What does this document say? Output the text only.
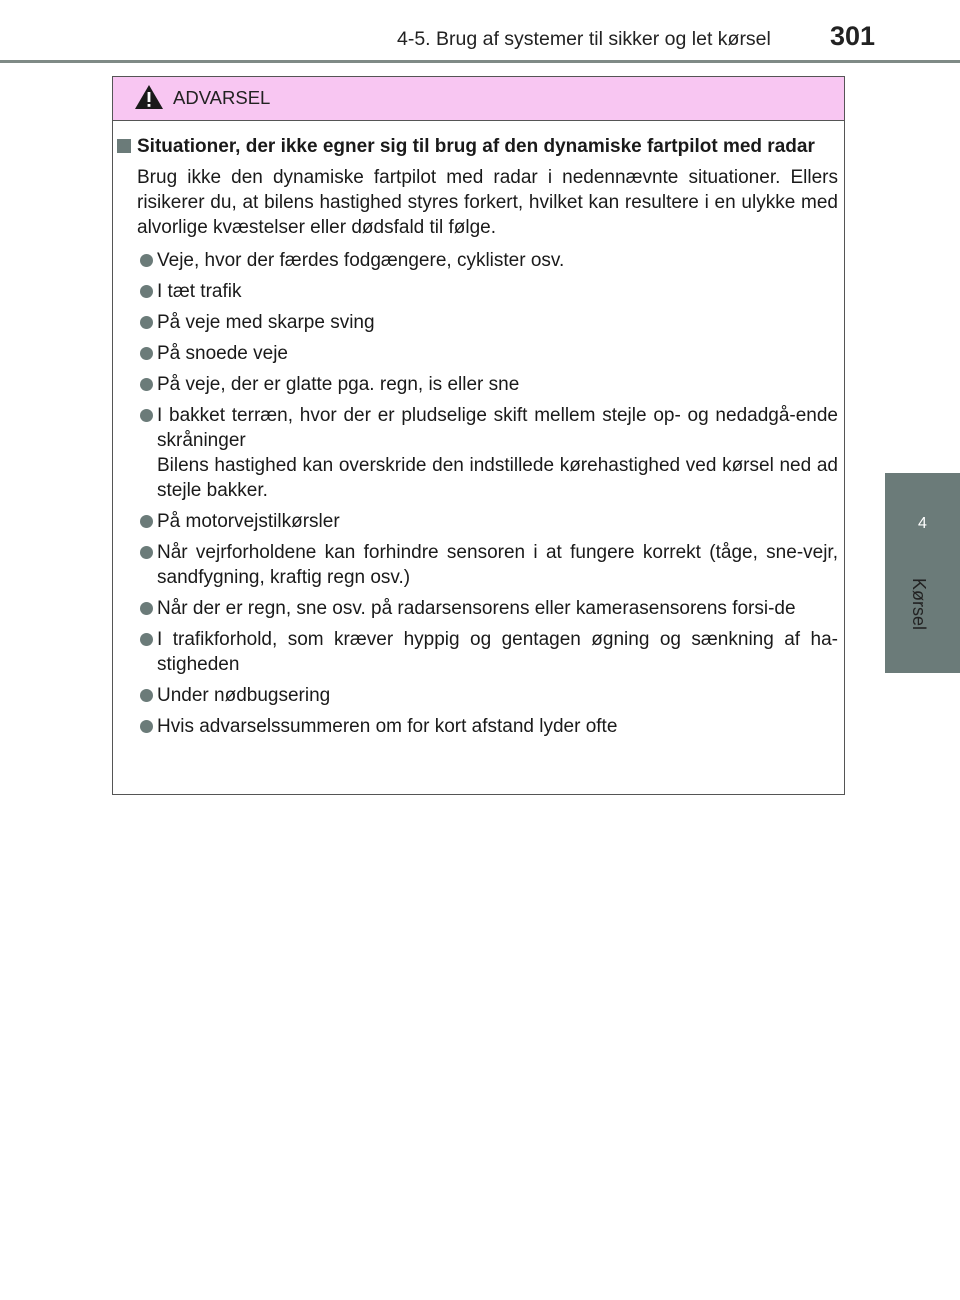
4-5. Brug af systemer til sikker og let kørsel 301
4
Kørsel
ADVARSEL
Situationer, der ikke egner sig til brug af den dynamiske fartpilot med radar

Brug ikke den dynamiske fartpilot med radar i nedennævnte situationer. Ellers risikerer du, at bilens hastighed styres forkert, hvilket kan resultere i en ulykke med alvorlige kvæstelser eller dødsfald til følge.

Veje, hvor der færdes fodgængere, cyklister osv.
I tæt trafik
På veje med skarpe sving
På snoede veje
På veje, der er glatte pga. regn, is eller sne
I bakket terræn, hvor der er pludselige skift mellem stejle op- og nedadgå-ende skråninger
Bilens hastighed kan overskride den indstillede kørehastighed ved kørsel ned ad stejle bakker.
På motorvejstilkørsler
Når vejrforholdene kan forhindre sensoren i at fungere korrekt (tåge, sne-vejr, sandfygning, kraftig regn osv.)
Når der er regn, sne osv. på radarsensorens eller kamerasensorens forsi-de
I trafikforhold, som kræver hyppig og gentagen øgning og sænkning af ha-stigheden
Under nødbugsering
Hvis advarselssummeren om for kort afstand lyder ofte
